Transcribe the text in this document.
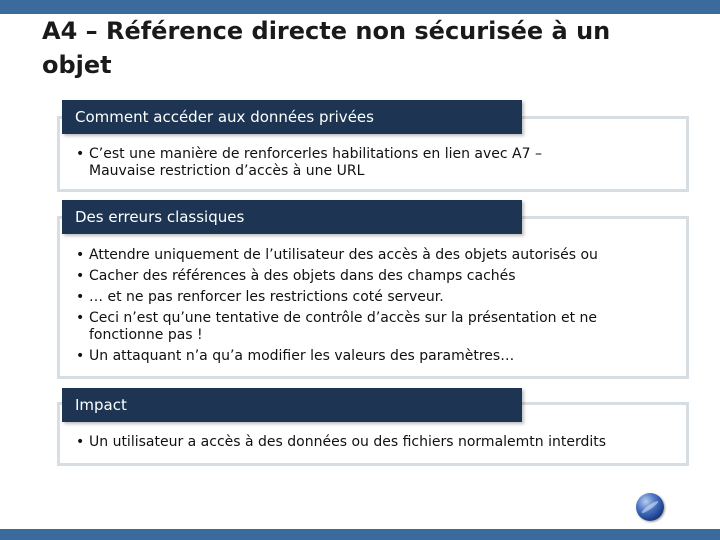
A4 – Référence directe non sécurisée à un objet
Comment accéder aux données privées
• C’est une manière de renforcerles habilitations en lien avec A7 – Mauvaise restriction d’accès à une URL
Des erreurs classiques
• Attendre uniquement de l’utilisateur des accès à des objets autorisés ou
• Cacher des références à des objets dans des champs cachés
• … et ne pas renforcer les restrictions coté serveur.
• Ceci n’est qu’une tentative de contrôle d’accès sur la présentation et ne fonctionne pas !
• Un attaquant n’a qu’a modifier les valeurs des paramètres…
Impact
• Un utilisateur a accès à des données ou des fichiers normalemtn interdits
